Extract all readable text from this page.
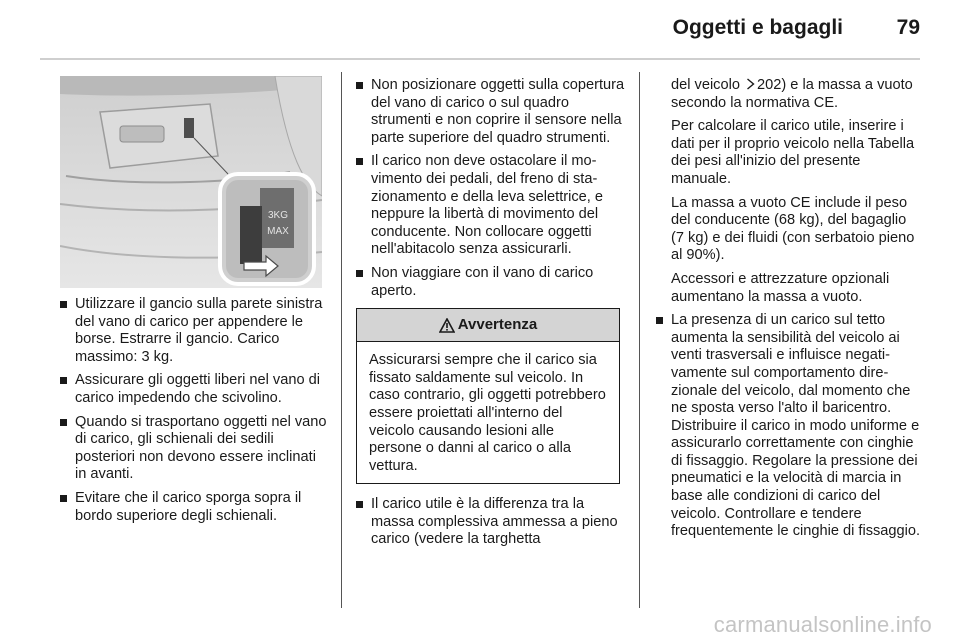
Oggetti e bagagli	79
3KG
MAX
Utilizzare il gancio sulla parete sinistra del vano di carico per appendere le borse. Estrarre il gancio. Carico massimo: 3 kg.
Assicurare gli oggetti liberi nel vano di carico impedendo che scivolino.
Quando si trasportano oggetti nel vano di carico, gli schienali dei sedili posteriori non devono essere inclinati in avanti.
Evitare che il carico sporga sopra il bordo superiore degli schienali.
Non posizionare oggetti sulla copertura del vano di carico o sul quadro strumenti e non coprire il sensore nella parte superiore del quadro strumenti.
Il carico non deve ostacolare il movimento dei pedali, del freno di stazionamento e della leva selettrice, e neppure la libertà di movimento del conducente. Non collocare oggetti nell'abitacolo senza assicurarli.
Non viaggiare con il vano di carico aperto.
Avvertenza
Assicurarsi sempre che il carico sia fissato saldamente sul veicolo. In caso contrario, gli oggetti potrebbero essere proiettati all'interno del veicolo causando lesioni alle persone o danni al carico o alla vettura.
Il carico utile è la differenza tra la massa complessiva ammessa a pieno carico (vedere la targhetta
del veicolo 202) e la massa a vuoto secondo la normativa CE.
Per calcolare il carico utile, inserire i dati per il proprio veicolo nella Tabella dei pesi all'inizio del presente manuale.
La massa a vuoto CE include il peso del conducente (68 kg), del bagaglio (7 kg) e dei fluidi (con serbatoio pieno al 90%).
Accessori e attrezzature opzionali aumentano la massa a vuoto.
La presenza di un carico sul tetto aumenta la sensibilità del veicolo ai venti trasversali e influisce negativamente sul comportamento direzionale del veicolo, dal momento che ne sposta verso l'alto il baricentro. Distribuire il carico in modo uniforme e assicurarlo correttamente con cinghie di fissaggio. Regolare la pressione dei pneumatici e la velocità di marcia in base alle condizioni di carico del veicolo. Controllare e tendere frequentemente le cinghie di fissaggio.
carmanualsonline.info
